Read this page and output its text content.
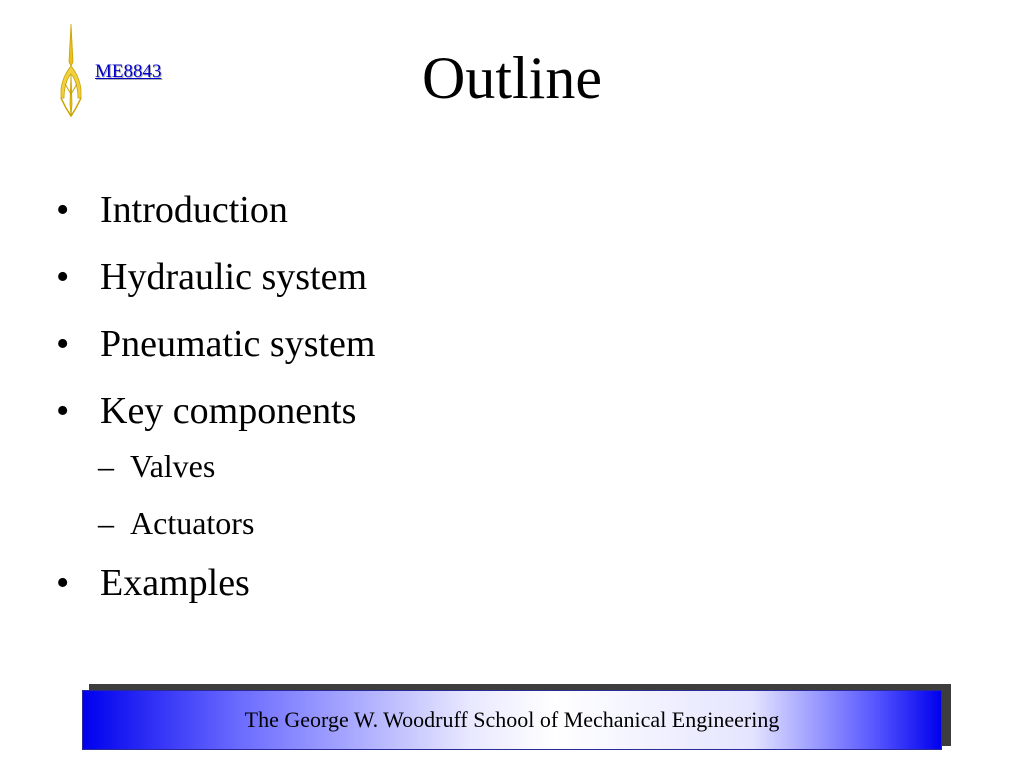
ME8843	Outline
• Introduction
• Hydraulic system
• Pneumatic system
• Key components
– Valves
– Actuators
• Examples
The George W. Woodruff School of Mechanical Engineering
